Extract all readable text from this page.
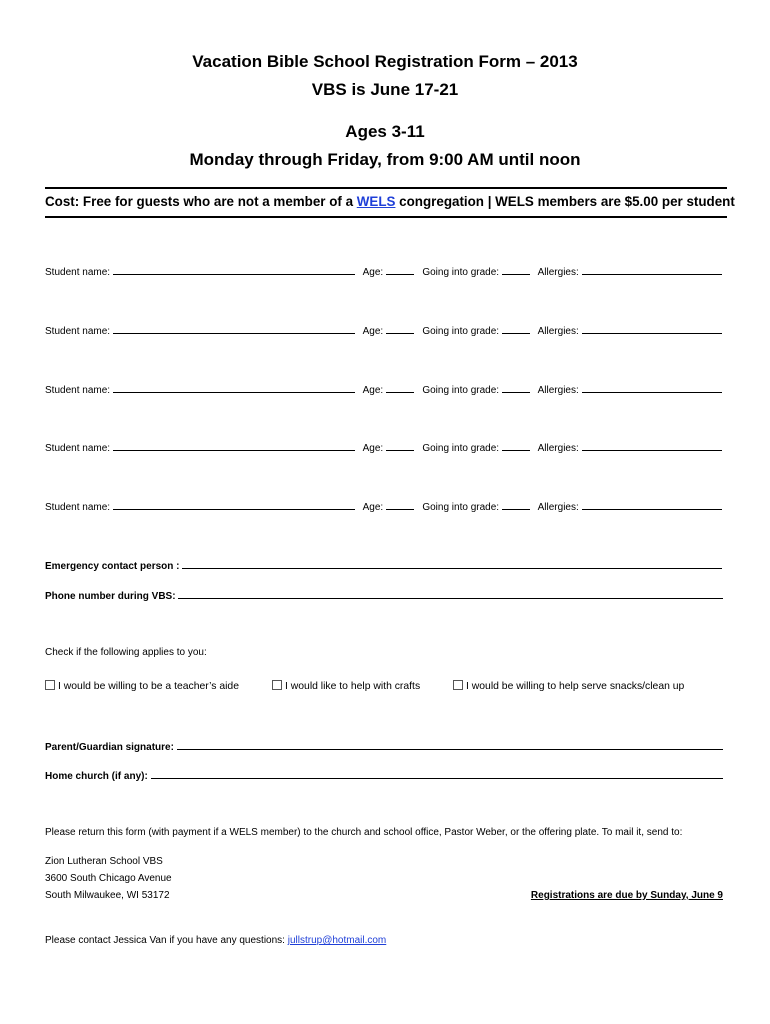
Vacation Bible School Registration Form – 2013
VBS is June 17-21
Ages 3-11
Monday through Friday, from 9:00 AM until noon
Cost: Free for guests who are not a member of a WELS congregation | WELS members are $5.00 per student
Student name:	Age:	Going into grade:	Allergies:
Student name:	Age:	Going into grade:	Allergies:
Student name:	Age:	Going into grade:	Allergies:
Student name:	Age:	Going into grade:	Allergies:
Student name:	Age:	Going into grade:	Allergies:
Emergency contact person :
Phone number during VBS:
Check if the following applies to you:
I would be willing to be a teacher’s aide	I would like to help with crafts	I would be willing to help serve snacks/clean up
Parent/Guardian signature:
Home church (if any):
Please return this form (with payment if a WELS member) to the church and school office, Pastor Weber, or the offering plate. To mail it, send to:
Zion Lutheran School VBS
3600 South Chicago Avenue
South Milwaukee, WI 53172	Registrations are due by Sunday, June 9
Please contact Jessica Van if you have any questions: jullstrup@hotmail.com
